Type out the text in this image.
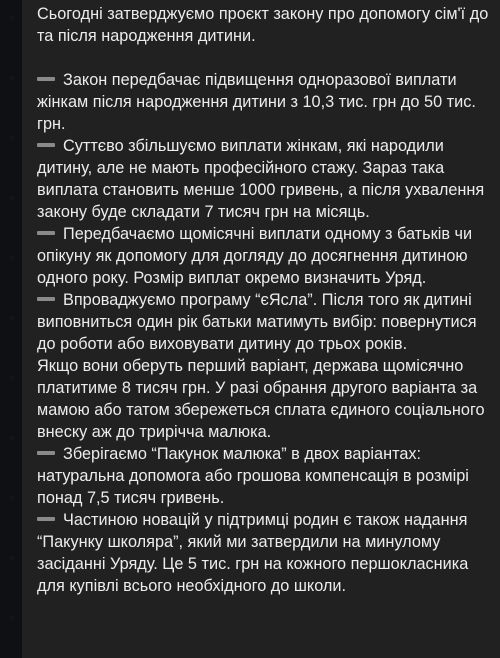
Сьогодні затверджуємо проєкт закону про допомогу сім'ї до та після народження дитини.

Закон передбачає підвищення одноразової виплати жінкам після народження дитини з 10,3 тис. грн до 50 тис. грн.

Суттєво збільшуємо виплати жінкам, які народили дитину, але не мають професійного стажу. Зараз така виплата становить менше 1000 гривень, а після ухвалення закону буде складати 7 тисяч грн на місяць.

Передбачаємо щомісячні виплати одному з батьків чи опікуну як допомогу для догляду до досягнення дитиною одного року. Розмір виплат окремо визначить Уряд.

Впроваджуємо програму “єЯсла”. Після того як дитині виповниться один рік батьки матимуть вибір: повернутися до роботи або виховувати дитину до трьох років.

Якщо вони оберуть перший варіант, держава щомісячно платитиме 8 тисяч грн. У разі обрання другого варіанта за мамою або татом збережеться сплата єдиного соціального внеску аж до трирічча малюка.

Зберігаємо “Пакунок малюка” в двох варіантах: натуральна допомога або грошова компенсація в розмірі понад 7,5 тисяч гривень.

Частиною новацій у підтримці родин є також надання “Пакунку школяра”, який ми затвердили на минулому засіданні Уряду. Це 5 тис. грн на кожного першокласника для купівлі всього необхідного до школи.
